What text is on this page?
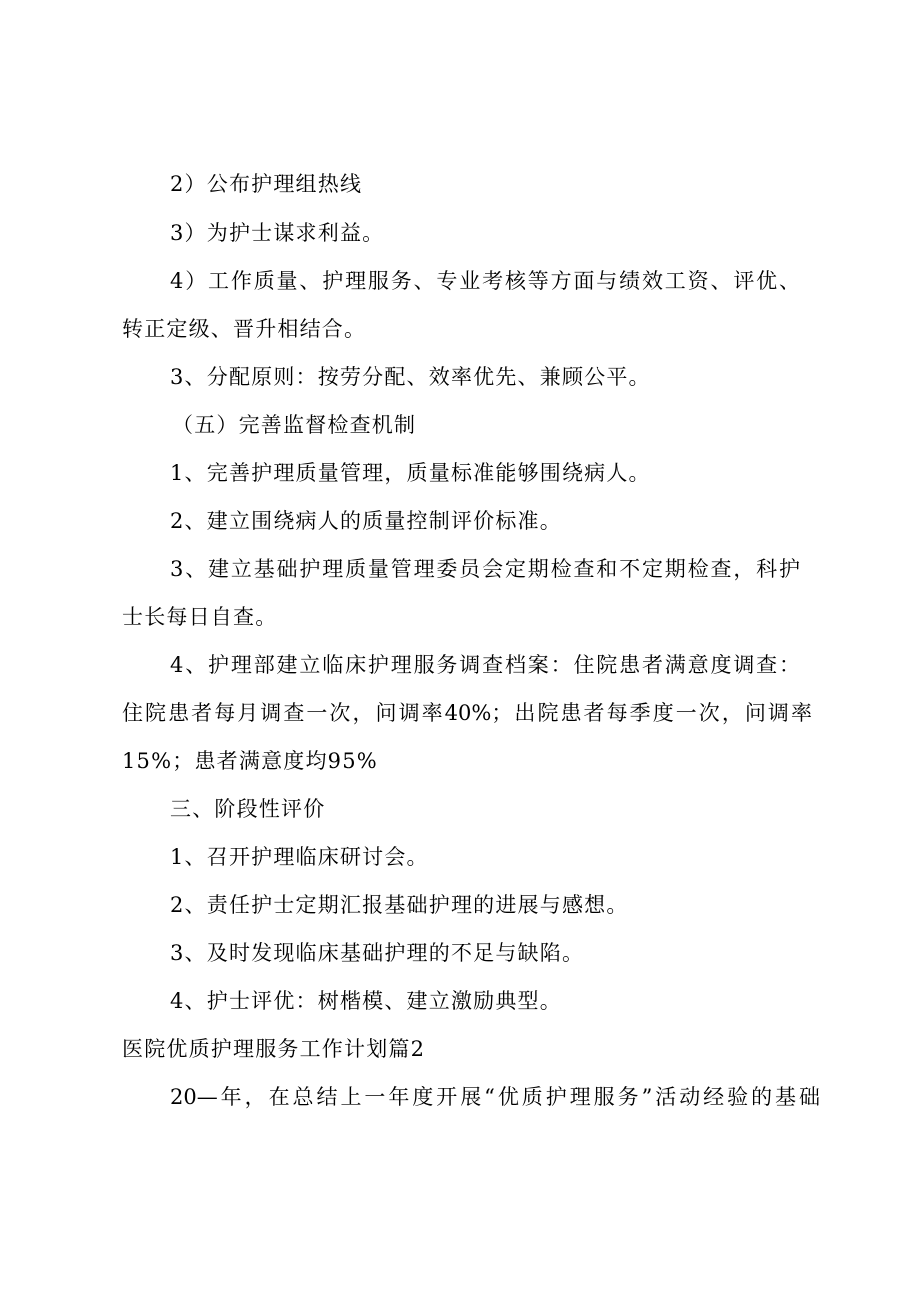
2）公布护理组热线
3）为护士谋求利益。
4）工作质量、护理服务、专业考核等方面与绩效工资、评优、
转正定级、晋升相结合。
3、分配原则：按劳分配、效率优先、兼顾公平。
（五）完善监督检查机制
1、完善护理质量管理，质量标准能够围绕病人。
2、建立围绕病人的质量控制评价标准。
3、建立基础护理质量管理委员会定期检查和不定期检查，科护
士长每日自查。
4、护理部建立临床护理服务调查档案：住院患者满意度调查：
住院患者每月调查一次，问调率40%；出院患者每季度一次，问调率
15%；患者满意度均95%
三、阶段性评价
1、召开护理临床研讨会。
2、责任护士定期汇报基础护理的进展与感想。
3、及时发现临床基础护理的不足与缺陷。
4、护士评优：树楷模、建立激励典型。
医院优质护理服务工作计划篇2
20—年，在总结上一年度开展“优质护理服务”活动经验的基础
